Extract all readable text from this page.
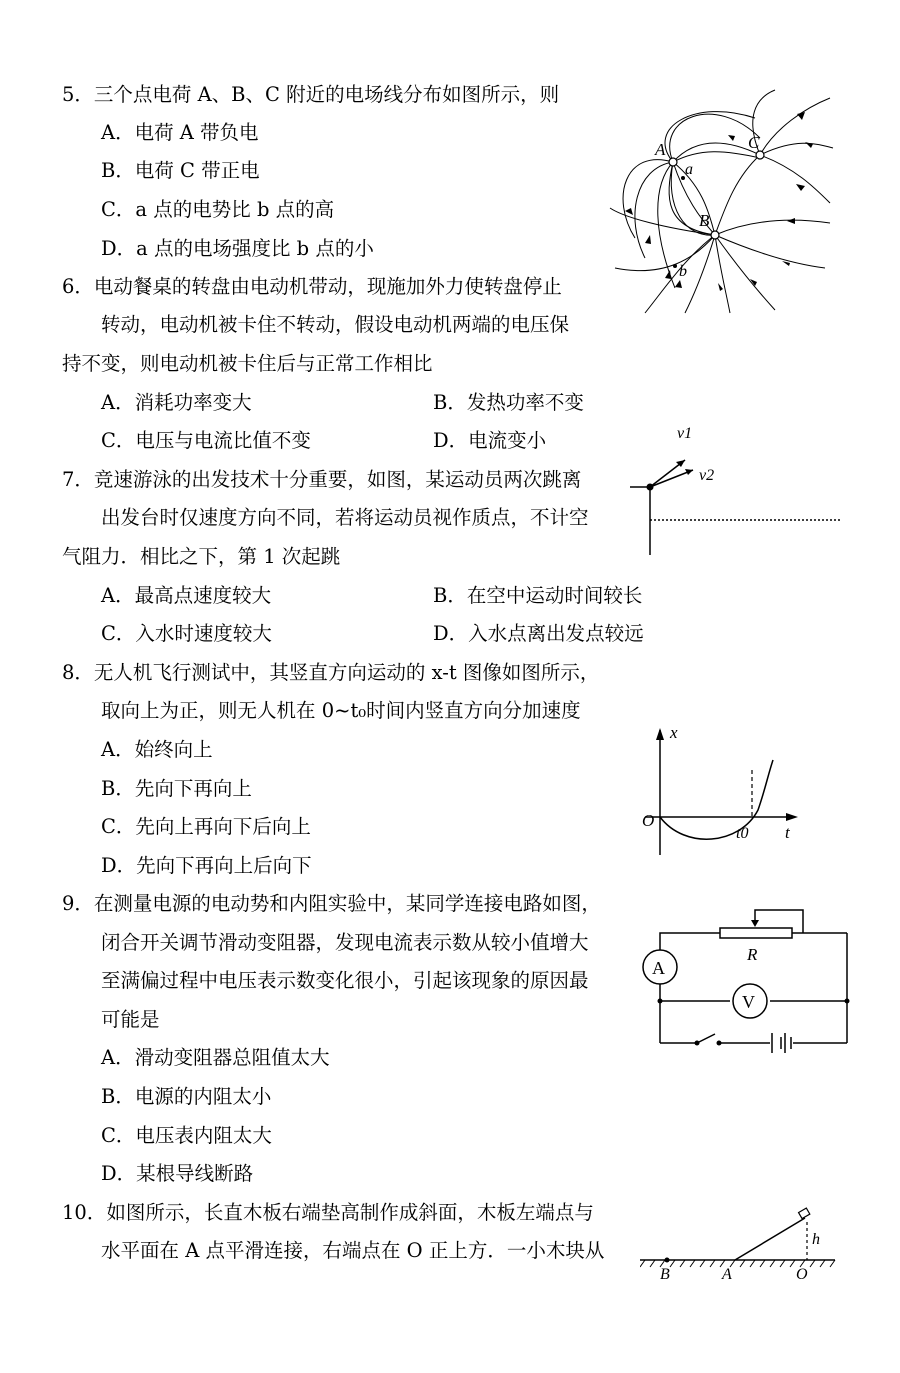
5．三个点电荷 A、B、C 附近的电场线分布如图所示，则
A．电荷 A 带负电
B．电荷 C 带正电
C．a 点的电势比 b 点的高
D．a 点的电场强度比 b 点的小
6．电动餐桌的转盘由电动机带动，现施加外力使转盘停止
转动，电动机被卡住不转动，假设电动机两端的电压保
持不变，则电动机被卡住后与正常工作相比
A．消耗功率变大	B．发热功率不变
C．电压与电流比值不变	D．电流变小
7．竞速游泳的出发技术十分重要，如图，某运动员两次跳离
出发台时仅速度方向不同，若将运动员视作质点，不计空
气阻力．相比之下，第 1 次起跳
A．最高点速度较大	B．在空中运动时间较长
C．入水时速度较大	D．入水点离出发点较远
8．无人机飞行测试中，其竖直方向运动的 x-t 图像如图所示，
取向上为正，则无人机在 0~t₀时间内竖直方向分加速度
A．始终向上
B．先向下再向上
C．先向上再向下后向上
D．先向下再向上后向下
9．在测量电源的电动势和内阻实验中，某同学连接电路如图，
闭合开关调节滑动变阻器，发现电流表示数从较小值增大
至满偏过程中电压表示数变化很小，引起该现象的原因最
可能是
A．滑动变阻器总阻值太大
B．电源的内阻太小
C．电压表内阻太大
D．某根导线断路
10．如图所示，长直木板右端垫高制作成斜面，木板左端点与
水平面在 A 点平滑连接，右端点在 O 正上方．一小木块从
A	C
a
B
b
v1
v2
x
O
t0 t
A
R
V
B	A	O
h
